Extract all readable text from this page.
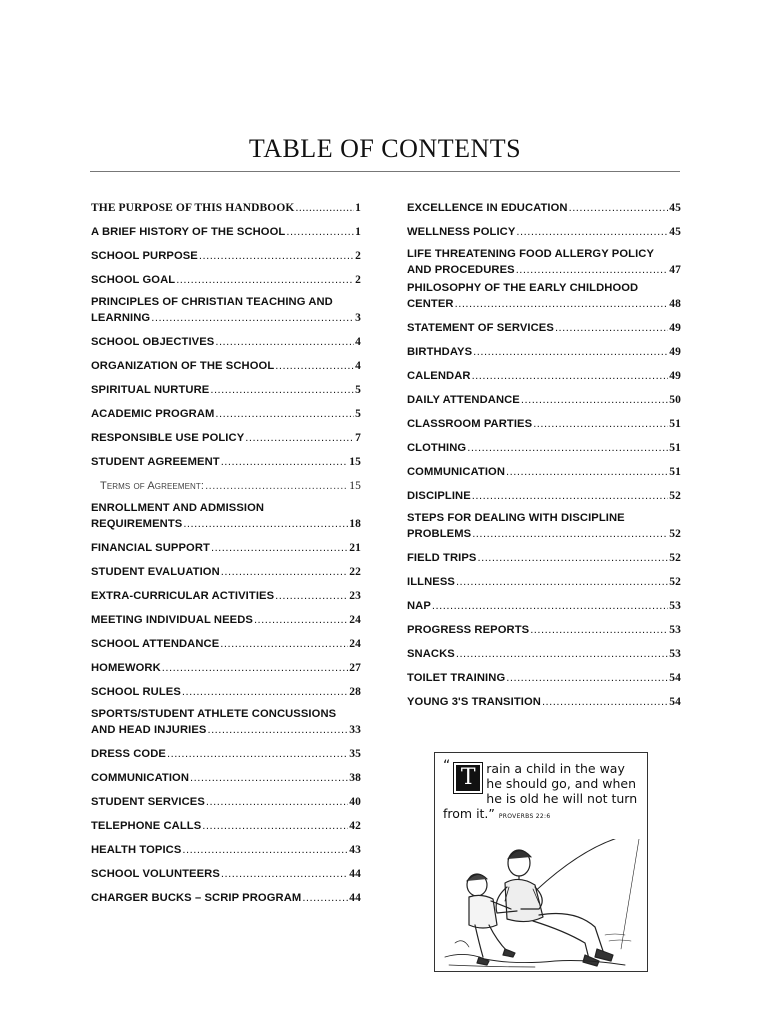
TABLE OF CONTENTS
THE PURPOSE OF THIS HANDBOOK .....	1
A BRIEF HISTORY OF THE SCHOOL .....	1
SCHOOL PURPOSE .....	2
SCHOOL GOAL .....	2
PRINCIPLES OF CHRISTIAN TEACHING AND
LEARNING .....	3
SCHOOL OBJECTIVES .....	4
ORGANIZATION OF THE SCHOOL .....	4
SPIRITUAL NURTURE .....	5
ACADEMIC PROGRAM .....	5
RESPONSIBLE USE POLICY .....	7
STUDENT AGREEMENT .....	15
Terms of Agreement: .....	15
ENROLLMENT AND ADMISSION
REQUIREMENTS .....	18
FINANCIAL SUPPORT .....	21
STUDENT EVALUATION .....	22
EXTRA-CURRICULAR ACTIVITIES .....	23
MEETING INDIVIDUAL NEEDS .....	24
SCHOOL ATTENDANCE .....	24
HOMEWORK .....	27
SCHOOL RULES .....	28
SPORTS/STUDENT ATHLETE CONCUSSIONS
AND HEAD INJURIES .....	33
DRESS CODE .....	35
COMMUNICATION .....	38
STUDENT SERVICES .....	40
TELEPHONE CALLS .....	42
HEALTH TOPICS .....	43
SCHOOL VOLUNTEERS .....	44
CHARGER BUCKS – SCRIP PROGRAM .....	44
EXCELLENCE IN EDUCATION .....	45
WELLNESS POLICY .....	45
LIFE THREATENING FOOD ALLERGY POLICY
AND PROCEDURES .....	47
PHILOSOPHY OF THE EARLY CHILDHOOD
CENTER .....	48
STATEMENT OF SERVICES .....	49
BIRTHDAYS .....	49
CALENDAR .....	49
DAILY ATTENDANCE .....	50
CLASSROOM PARTIES .....	51
CLOTHING .....	51
COMMUNICATION .....	51
DISCIPLINE .....	52
STEPS FOR DEALING WITH DISCIPLINE
PROBLEMS .....	52
FIELD TRIPS .....	52
ILLNESS .....	52
NAP .....	53
PROGRESS REPORTS .....	53
SNACKS .....	53
TOILET TRAINING .....	54
YOUNG 3'S TRANSITION .....	54
“ T rain a child in the way he should go, and when he is old he will not turn from it.” PROVERBS 22:6
